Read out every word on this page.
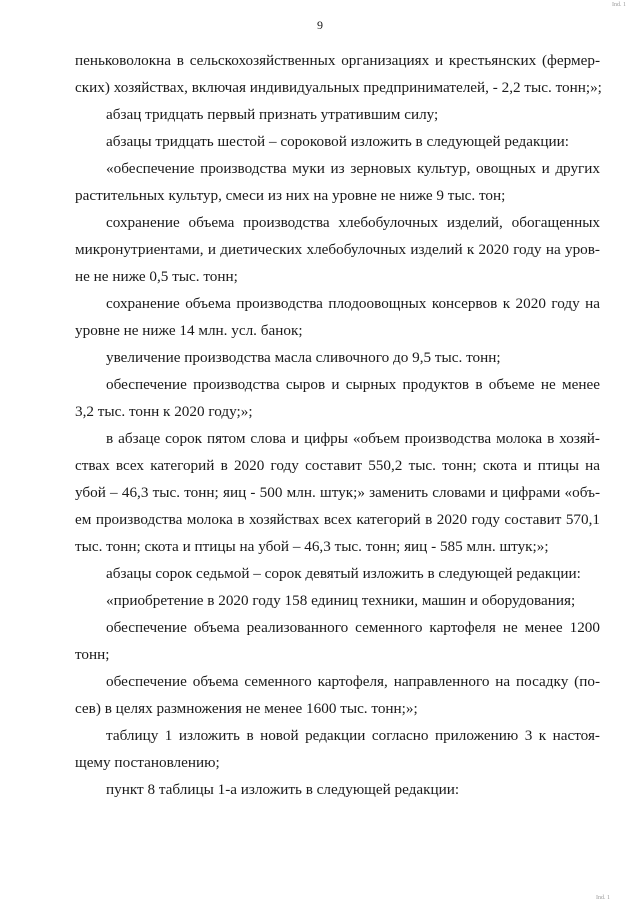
Ind. 1
9

пеньковолокна в сельскохозяйственных организациях и крестьянских (фермер-
ских) хозяйствах, включая индивидуальных предпринимателей, - 2,2 тыс. тонн;»;

абзац тридцать первый признать утратившим силу;

абзацы тридцать шестой – сороковой изложить в следующей редакции:

«обеспечение производства муки из зерновых культур, овощных и других
растительных культур, смеси из них на уровне не ниже 9 тыс. тон;

сохранение объема производства хлебобулочных изделий, обогащенных
микронутриентами, и диетических хлебобулочных изделий к 2020 году на уров-
не не ниже 0,5 тыс. тонн;

сохранение объема производства плодоовощных консервов к 2020 году на
уровне не ниже 14 млн. усл. банок;

увеличение производства масла сливочного до 9,5 тыс. тонн;

обеспечение производства сыров и сырных продуктов в объеме не менее
3,2 тыс. тонн к 2020 году;»;

в абзаце сорок пятом слова и цифры «объем производства молока в хозяй-
ствах всех категорий в 2020 году составит 550,2 тыс. тонн; скота и птицы на
убой – 46,3 тыс. тонн; яиц - 500 млн. штук;» заменить словами и цифрами «объ-
ем производства молока в хозяйствах всех категорий в 2020 году составит 570,1
тыс. тонн; скота и птицы на убой – 46,3 тыс. тонн; яиц - 585 млн. штук;»;

абзацы сорок седьмой – сорок девятый изложить в следующей редакции:

«приобретение в 2020 году 158 единиц техники, машин и оборудования;

обеспечение объема реализованного семенного картофеля не менее 1200
тонн;

обеспечение объема семенного картофеля, направленного на посадку (по-
сев) в целях размножения не менее 1600 тыс. тонн;»;

таблицу 1 изложить в новой редакции согласно приложению 3 к настоя-
щему постановлению;

пункт 8 таблицы 1-а изложить в следующей редакции:

Ind. 1
